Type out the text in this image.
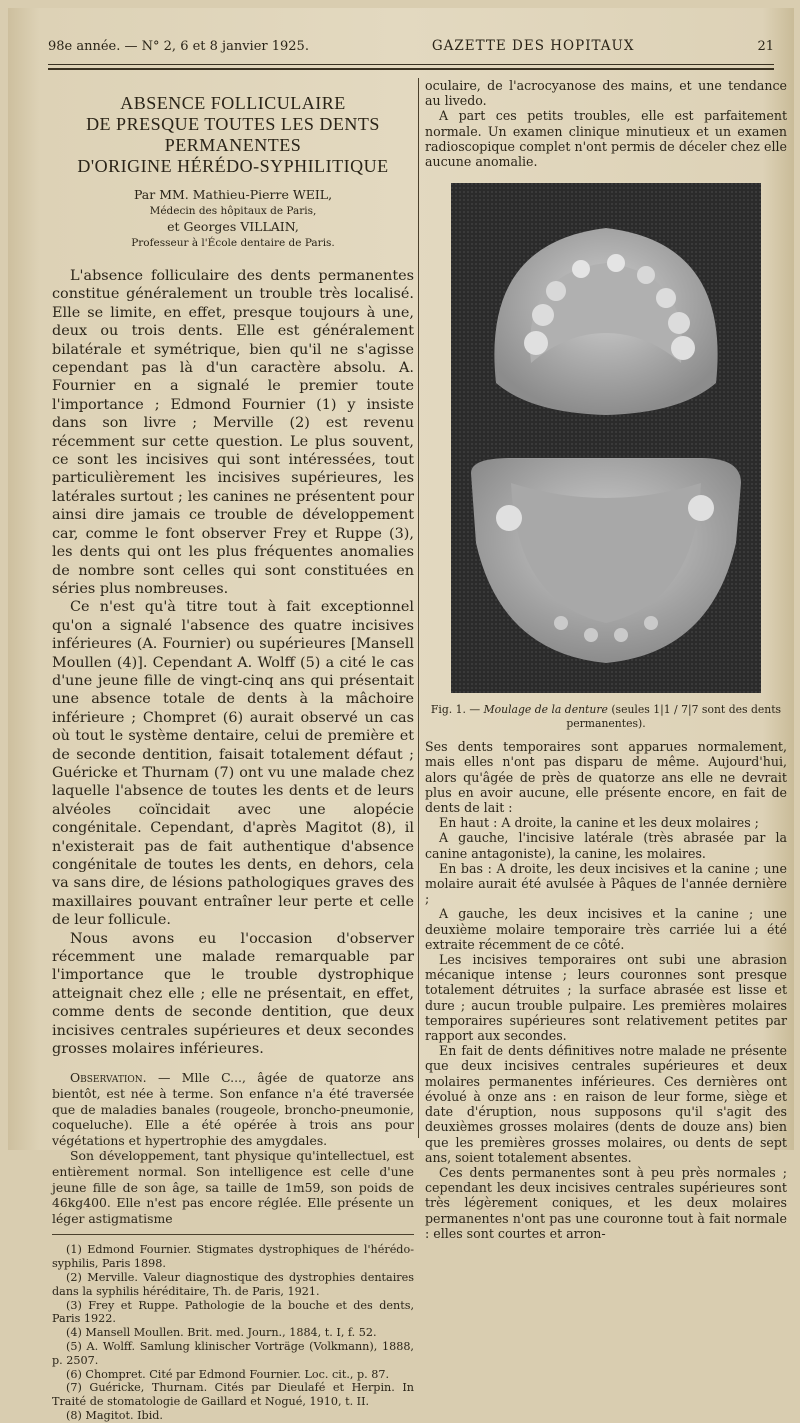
98e année. — N° 2, 6 et 8 janvier 1925.	GAZETTE DES HOPITAUX	21
ABSENCE FOLLICULAIRE
DE PRESQUE TOUTES LES DENTS PERMANENTES
D'ORIGINE HÉRÉDO-SYPHILITIQUE
Par MM. Mathieu-Pierre WEIL,
Médecin des hôpitaux de Paris,
et Georges VILLAIN,
Professeur à l'École dentaire de Paris.

L'absence folliculaire des dents permanentes constitue généralement un trouble très localisé. Elle se limite, en effet, presque toujours à une, deux ou trois dents. Elle est généralement bilatérale et symétrique, bien qu'il ne s'agisse cependant pas là d'un caractère absolu. A. Fournier en a signalé le premier toute l'importance ; Edmond Fournier (1) y insiste dans son livre ; Merville (2) est revenu récemment sur cette question. Le plus souvent, ce sont les incisives qui sont intéressées, tout particulièrement les incisives supérieures, les latérales surtout ; les canines ne présentent pour ainsi dire jamais ce trouble de développement car, comme le font observer Frey et Ruppe (3), les dents qui ont les plus fréquentes anomalies de nombre sont celles qui sont constituées en séries plus nombreuses.

Ce n'est qu'à titre tout à fait exceptionnel qu'on a signalé l'absence des quatre incisives inférieures (A. Fournier) ou supérieures [Mansell Moullen (4)]. Cependant A. Wolff (5) a cité le cas d'une jeune fille de vingt-cinq ans qui présentait une absence totale de dents à la mâchoire inférieure ; Chompret (6) aurait observé un cas où tout le système dentaire, celui de première et de seconde dentition, faisait totalement défaut ; Guéricke et Thurnam (7) ont vu une malade chez laquelle l'absence de toutes les dents et de leurs alvéoles coïncidait avec une alopécie congénitale. Cependant, d'après Magitot (8), il n'existerait pas de fait authentique d'absence congénitale de toutes les dents, en dehors, cela va sans dire, de lésions pathologiques graves des maxillaires pouvant entraîner leur perte et celle de leur follicule.

Nous avons eu l'occasion d'observer récemment une malade remarquable par l'importance que le trouble dystrophique atteignait chez elle ; elle ne présentait, en effet, comme dents de seconde dentition, que deux incisives centrales supérieures et deux secondes grosses molaires inférieures.

Observation. — Mlle C..., âgée de quatorze ans bientôt, est née à terme. Son enfance n'a été traversée que de maladies banales (rougeole, broncho-pneumonie, coqueluche). Elle a été opérée à trois ans pour végétations et hypertrophie des amygdales.

Son développement, tant physique qu'intellectuel, est entièrement normal. Son intelligence est celle d'une jeune fille de son âge, sa taille de 1m59, son poids de 46kg400. Elle n'est pas encore réglée. Elle présente un léger astigmatisme

(1) Edmond Fournier. Stigmates dystrophiques de l'hérédo-syphilis, Paris 1898.

(2) Merville. Valeur diagnostique des dystrophies dentaires dans la syphilis héréditaire, Th. de Paris, 1921.

(3) Frey et Ruppe. Pathologie de la bouche et des dents, Paris 1922.

(4) Mansell Moullen. Brit. med. Journ., 1884, t. I, f. 52.

(5) A. Wolff. Samlung klinischer Vorträge (Volkmann), 1888, p. 2507.

(6) Chompret. Cité par Edmond Fournier. Loc. cit., p. 87.

(7) Guéricke, Thurnam. Cités par Dieulafé et Herpin. In Traité de stomatologie de Gaillard et Nogué, 1910, t. II.

(8) Magitot. Ibid.

oculaire, de l'acrocyanose des mains, et une tendance au livedo.

A part ces petits troubles, elle est parfaitement normale. Un examen clinique minutieux et un examen radioscopique complet n'ont permis de déceler chez elle aucune anomalie.

Fig. 1. — Moulage de la denture (seules 1|1 / 7|7 sont des dents permanentes).

Ses dents temporaires sont apparues normalement, mais elles n'ont pas disparu de même. Aujourd'hui, alors qu'âgée de près de quatorze ans elle ne devrait plus en avoir aucune, elle présente encore, en fait de dents de lait :

En haut : A droite, la canine et les deux molaires ;

A gauche, l'incisive latérale (très abrasée par la canine antagoniste), la canine, les molaires.

En bas : A droite, les deux incisives et la canine ; une molaire aurait été avulsée à Pâques de l'année dernière ;

A gauche, les deux incisives et la canine ; une deuxième molaire temporaire très carriée lui a été extraite récemment de ce côté.

Les incisives temporaires ont subi une abrasion mécanique intense ; leurs couronnes sont presque totalement détruites ; la surface abrasée est lisse et dure ; aucun trouble pulpaire. Les premières molaires temporaires supérieures sont relativement petites par rapport aux secondes.

En fait de dents définitives notre malade ne présente que deux incisives centrales supérieures et deux molaires permanentes inférieures. Ces dernières ont évolué à onze ans : en raison de leur forme, siège et date d'éruption, nous supposons qu'il s'agit des deuxièmes grosses molaires (dents de douze ans) bien que les premières grosses molaires, ou dents de sept ans, soient totalement absentes.

Ces dents permanentes sont à peu près normales ; cependant les deux incisives centrales supérieures sont très légèrement coniques, et les deux molaires permanentes n'ont pas une couronne tout à fait normale : elles sont courtes et arron-
